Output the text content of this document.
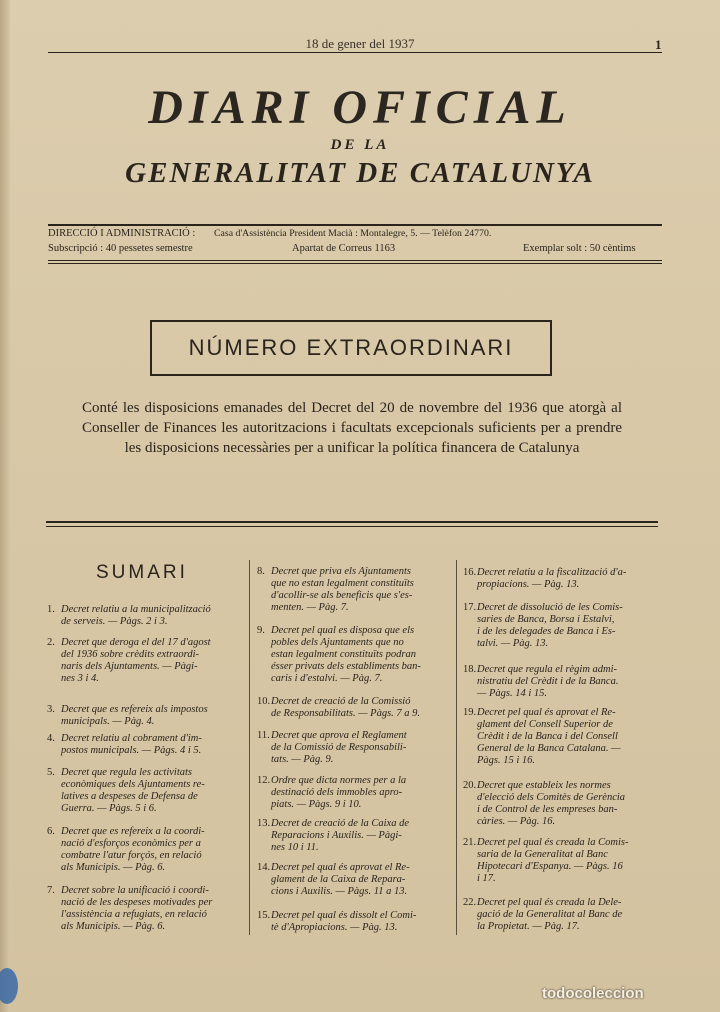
18 de gener del 1937	1
DIARI OFICIAL
DE LA
GENERALITAT DE CATALUNYA
DIRECCIÓ I ADMINISTRACIÓ : Casa d'Assistència President Macià : Montalegre, 5. — Telèfon 24770.
Subscripció : 40 pessetes semestre	Apartat de Correus 1163	Exemplar solt : 50 cèntims
NÚMERO EXTRAORDINARI
Conté les disposicions emanades del Decret del 20 de novembre del 1936 que atorgà al Conseller de Finances les autoritzacions i facultats excepcionals suficients per a prendre les disposicions necessàries per a unificar la política financera de Catalunya
SUMARI
1. Decret relatiu a la municipalització
de serveis. — Pàgs. 2 i 3.
2. Decret que deroga el del 17 d'agost
del 1936 sobre crèdits extraordi-
naris dels Ajuntaments. — Pàgi-
nes 3 i 4.
3. Decret que es refereix als impostos
municipals. — Pàg. 4.
4. Decret relatiu al cobrament d'im-
postos municipals. — Pàgs. 4 i 5.
5. Decret que regula les activitats
econòmiques dels Ajuntaments re-
latives a despeses de Defensa de
Guerra. — Pàgs. 5 i 6.
6. Decret que es refereix a la coordi-
nació d'esforços econòmics per a
combatre l'atur forçós, en relació
als Municipis. — Pàg. 6.
7. Decret sobre la unificació i coordi-
nació de les despeses motivades per
l'assistència a refugiats, en relació
als Municipis. — Pàg. 6.
8. Decret que priva els Ajuntaments
que no estan legalment constituïts
d'acollir-se als beneficis que s'es-
menten. — Pàg. 7.
9. Decret pel qual es disposa que els
pobles dels Ajuntaments que no
estan legalment constituïts podran
ésser privats dels establiments ban-
caris i d'estalvi. — Pàg. 7.
10. Decret de creació de la Comissió
de Responsabilitats. — Pàgs. 7 a 9.
11. Decret que aprova el Reglament
de la Comissió de Responsabili-
tats. — Pàg. 9.
12. Ordre que dicta normes per a la
destinació dels immobles apro-
piats. — Pàgs. 9 i 10.
13. Decret de creació de la Caixa de
Reparacions i Auxilis. — Pàgi-
nes 10 i 11.
14. Decret pel qual és aprovat el Re-
glament de la Caixa de Repara-
cions i Auxilis. — Pàgs. 11 a 13.
15. Decret pel qual és dissolt el Comi-
tè d'Apropiacions. — Pàg. 13.
16. Decret relatiu a la fiscalització d'a-
propiacions. — Pàg. 13.
17. Decret de dissolució de les Comis-
saries de Banca, Borsa i Estalvi,
i de les delegades de Banca i Es-
talvi. — Pàg. 13.
18. Decret que regula el règim admi-
nistratiu del Crèdit i de la Banca.
— Pàgs. 14 i 15.
19. Decret pel qual és aprovat el Re-
glament del Consell Superior de
Crèdit i de la Banca i del Consell
General de la Banca Catalana. —
Pàgs. 15 i 16.
20. Decret que estableix les normes
d'elecció dels Comitès de Gerència
i de Control de les empreses ban-
càries. — Pàg. 16.
21. Decret pel qual és creada la Comis-
saria de la Generalitat al Banc
Hipotecari d'Espanya. — Pàgs. 16
i 17.
22. Decret pel qual és creada la Dele-
gació de la Generalitat al Banc de
la Propietat. — Pàg. 17.
todocoleccion
